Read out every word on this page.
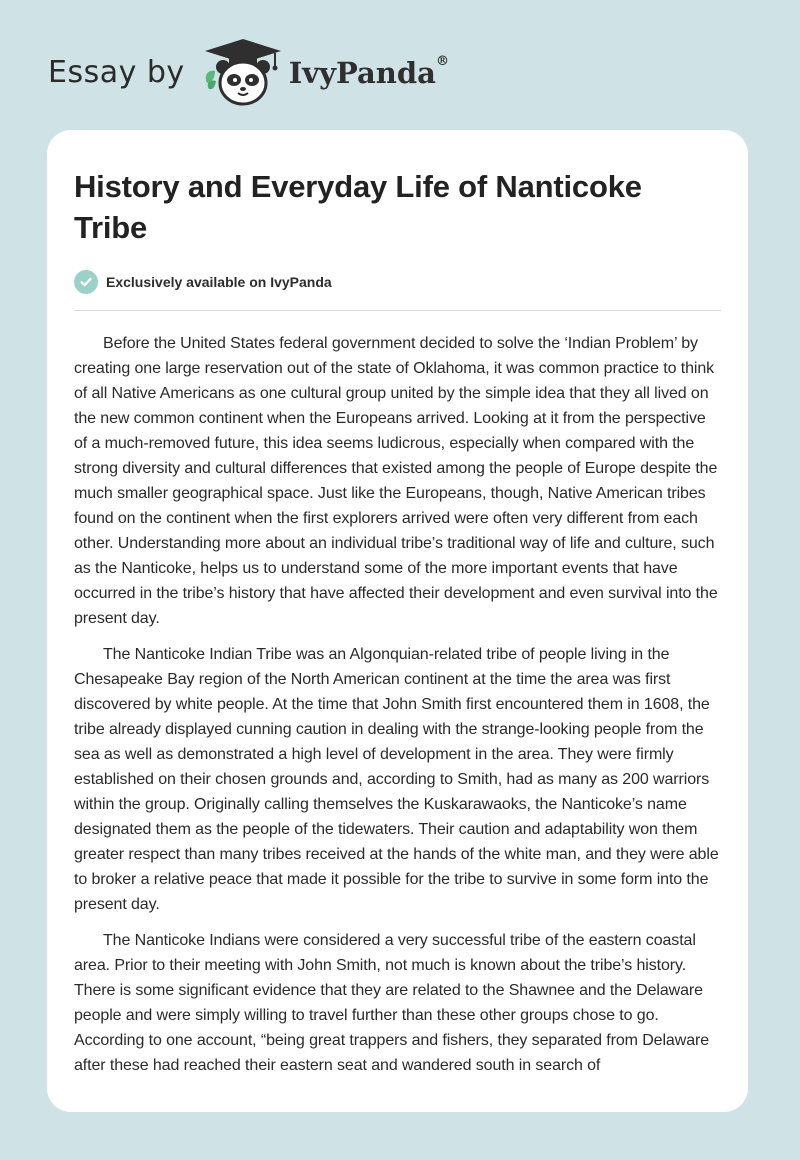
Essay by	IvyPanda®
History and Everyday Life of Nanticoke Tribe
Exclusively available on IvyPanda

Before the United States federal government decided to solve the ‘Indian Problem’ by creating one large reservation out of the state of Oklahoma, it was common practice to think of all Native Americans as one cultural group united by the simple idea that they all lived on the new common continent when the Europeans arrived. Looking at it from the perspective of a much-removed future, this idea seems ludicrous, especially when compared with the strong diversity and cultural differences that existed among the people of Europe despite the much smaller geographical space. Just like the Europeans, though, Native American tribes found on the continent when the first explorers arrived were often very different from each other. Understanding more about an individual tribe’s traditional way of life and culture, such as the Nanticoke, helps us to understand some of the more important events that have occurred in the tribe’s history that have affected their development and even survival into the present day.

The Nanticoke Indian Tribe was an Algonquian-related tribe of people living in the Chesapeake Bay region of the North American continent at the time the area was first discovered by white people. At the time that John Smith first encountered them in 1608, the tribe already displayed cunning caution in dealing with the strange-looking people from the sea as well as demonstrated a high level of development in the area. They were firmly established on their chosen grounds and, according to Smith, had as many as 200 warriors within the group. Originally calling themselves the Kuskarawaoks, the Nanticoke’s name designated them as the people of the tidewaters. Their caution and adaptability won them greater respect than many tribes received at the hands of the white man, and they were able to broker a relative peace that made it possible for the tribe to survive in some form into the present day.

The Nanticoke Indians were considered a very successful tribe of the eastern coastal area. Prior to their meeting with John Smith, not much is known about the tribe’s history. There is some significant evidence that they are related to the Shawnee and the Delaware people and were simply willing to travel further than these other groups chose to go. According to one account, “being great trappers and fishers, they separated from Delaware after these had reached their eastern seat and wandered south in search of
